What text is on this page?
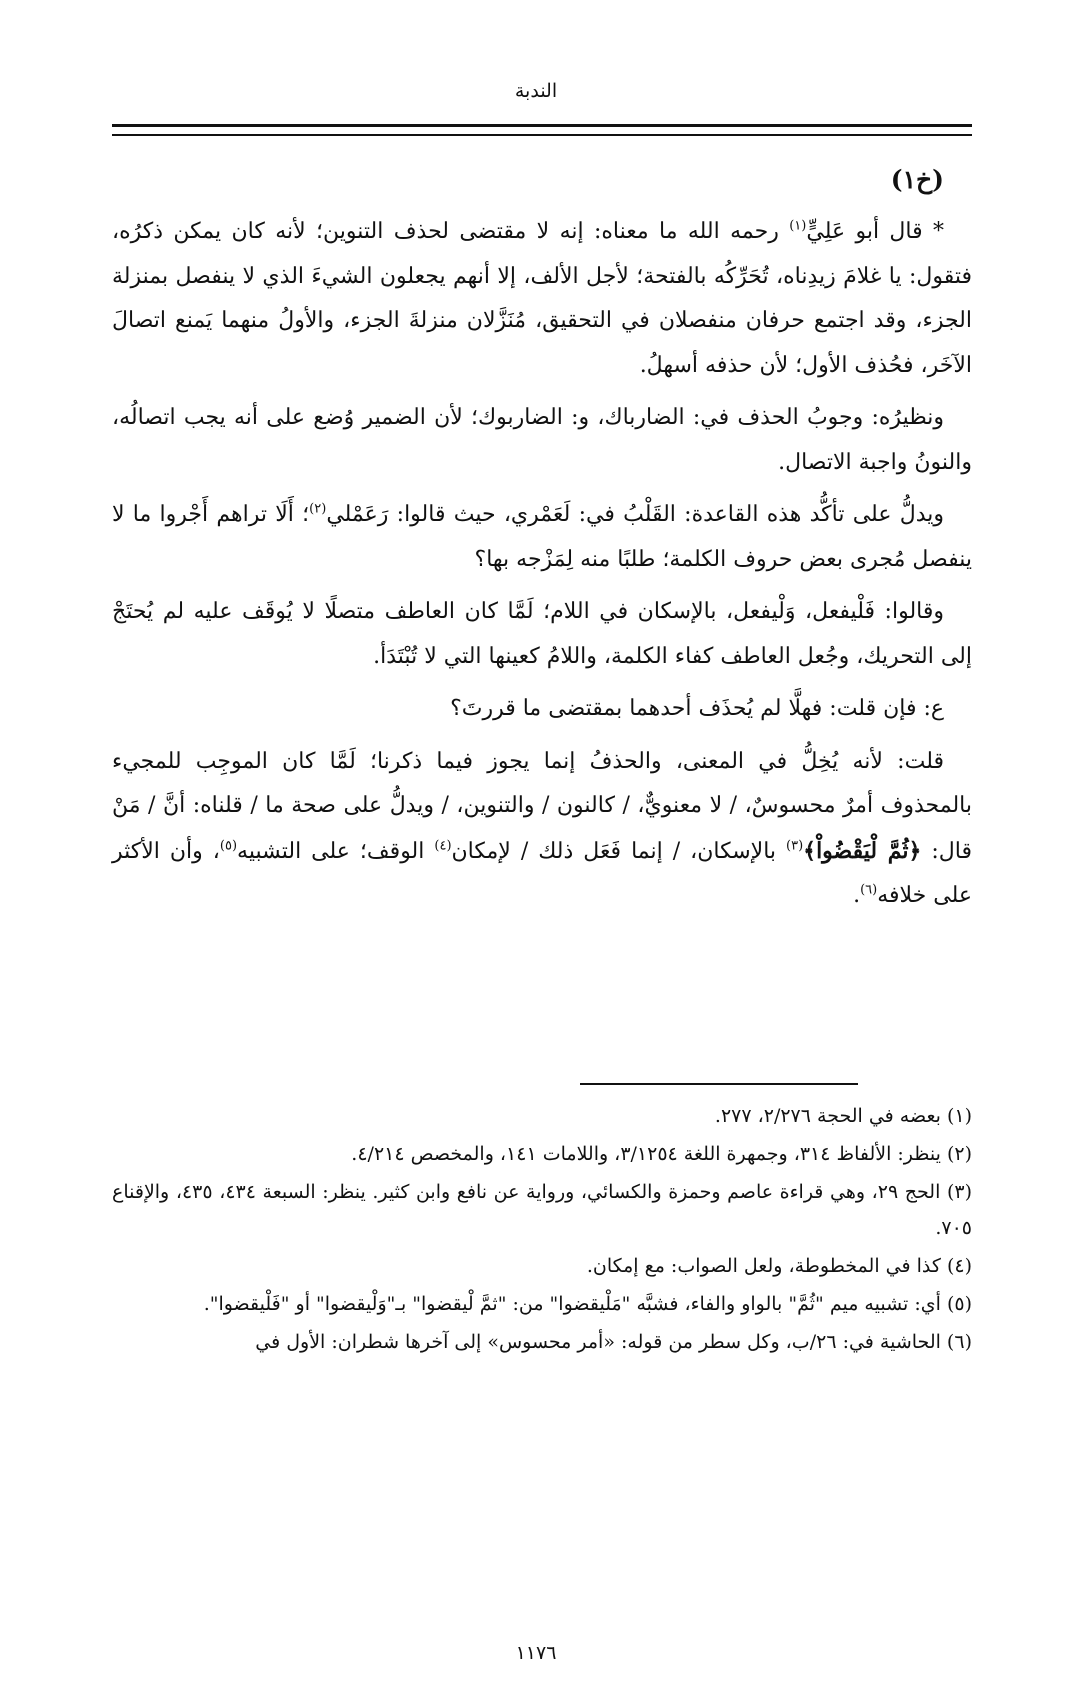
الندبة
(خ١)

* قال أبو عَلِيٍّ$^{(١)}$ رحمه الله ما معناه: إنه لا مقتضى لحذف التنوين؛ لأنه كان يمكن ذكرُه، فتقول: يا غلامَ زيدِناه، تُحَرِّكُه بالفتحة؛ لأجل الألف، إلا أنهم يجعلون الشيءَ الذي لا ينفصل بمنزلة الجزء، وقد اجتمع حرفان منفصلان في التحقيق، مُنَزَّلان منزلةَ الجزء، والأولُ منهما يَمنع اتصالَ الآخَر، فحُذف الأول؛ لأن حذفه أسهلُ.

ونظيرُه: وجوبُ الحذف في: الضارباك، و: الضاربوك؛ لأن الضمير وُضع على أنه يجب اتصالُه، والنونُ واجبة الاتصال.

ويدلُّ على تأكُّد هذه القاعدة: القَلْبُ في: لَعَمْري، حيث قالوا: رَعَمْلي$^{(٢)}$؛ أَلَا تراهم أَجْروا ما لا ينفصل مُجرى بعض حروف الكلمة؛ طلبًا منه لِمَزْجه بها؟

وقالوا: فَلْيفعل، وَلْيفعل، بالإسكان في اللام؛ لَمَّا كان العاطف متصلًا لا يُوقَف عليه لم يُحتَجْ إلى التحريك، وجُعل العاطف كفاء الكلمة، واللامُ كعينها التي لا تُبْتَدَأ.

ع: فإن قلت: فهلَّا لم يُحذَف أحدهما بمقتضى ما قررتَ؟

قلت: لأنه يُخِلُّ في المعنى، والحذفُ إنما يجوز فيما ذكرنا؛ لَمَّا كان الموجِب للمجيء بالمحذوف أمرٌ محسوسٌ، / لا معنويٌّ، / كالنون / والتنوين، / ويدلُّ على صحة ما / قلناه: أنَّ / مَنْ قال: ﴿ثُمَّ لْيَقْضُواْ﴾$^{(٣)}$ بالإسكان، / إنما فَعَل ذلك / لإمكان$^{(٤)}$ الوقف؛ على التشبيه$^{(٥)}$، وأن الأكثر على خلافه$^{(٦)}$.

(١) بعضه في الحجة ٢/٢٧٦، ٢٧٧.

(٢) ينظر: الألفاظ ٣١٤، وجمهرة اللغة ٣/١٢٥٤، واللامات ١٤١، والمخصص ٤/٢١٤.

(٣) الحج ٢٩، وهي قراءة عاصم وحمزة والكسائي، ورواية عن نافع وابن كثير. ينظر: السبعة ٤٣٤، ٤٣٥، والإقناع ٧٠٥.

(٤) كذا في المخطوطة، ولعل الصواب: مع إمكان.

(٥) أي: تشبيه ميم "ثُمَّ" بالواو والفاء، فشبَّه "مَلْيقضوا" من: "ثمَّ لْيقضوا" بـ"وَلْيقضوا" أو "فَلْيقضوا".

(٦) الحاشية في: ٢٦/ب، وكل سطر من قوله: «أمر محسوس» إلى آخرها شطران: الأول في

١١٧٦
